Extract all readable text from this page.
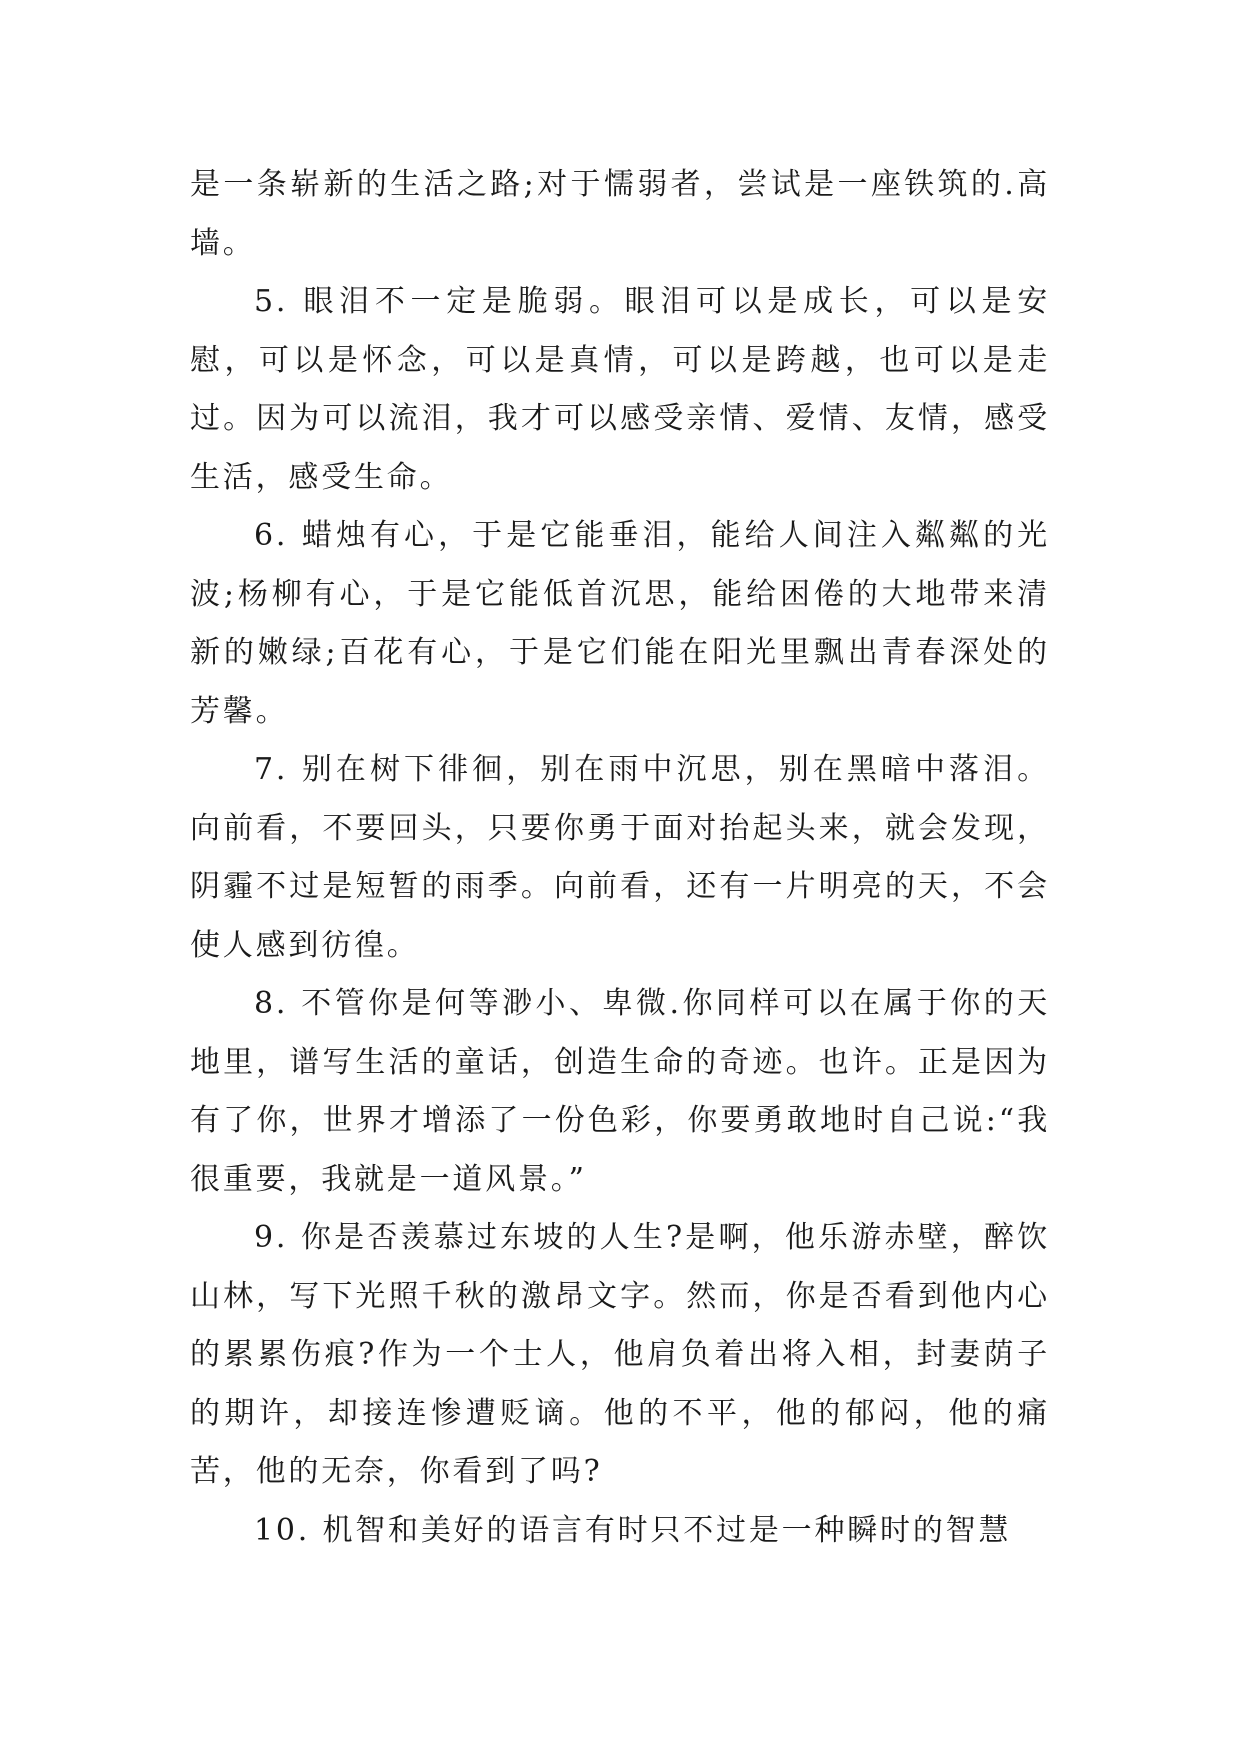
是一条崭新的生活之路;对于懦弱者，尝试是一座铁筑的.高墙。

5. 眼泪不一定是脆弱。眼泪可以是成长，可以是安慰，可以是怀念，可以是真情，可以是跨越，也可以是走过。因为可以流泪，我才可以感受亲情、爱情、友情，感受生活，感受生命。

6. 蜡烛有心，于是它能垂泪，能给人间注入粼粼的光波;杨柳有心，于是它能低首沉思，能给困倦的大地带来清新的嫩绿;百花有心，于是它们能在阳光里飘出青春深处的芳馨。

7. 别在树下徘徊，别在雨中沉思，别在黑暗中落泪。向前看，不要回头，只要你勇于面对抬起头来，就会发现，阴霾不过是短暂的雨季。向前看，还有一片明亮的天，不会使人感到彷徨。

8. 不管你是何等渺小、卑微.你同样可以在属于你的天地里，谱写生活的童话，创造生命的奇迹。也许。正是因为有了你，世界才增添了一份色彩，你要勇敢地时自己说:“我很重要，我就是一道风景。”

9. 你是否羡慕过东坡的人生?是啊，他乐游赤壁，醉饮山林，写下光照千秋的激昂文字。然而，你是否看到他内心的累累伤痕?作为一个士人，他肩负着出将入相，封妻荫子的期许，却接连惨遭贬谪。他的不平，他的郁闷，他的痛苦，他的无奈，你看到了吗?

10. 机智和美好的语言有时只不过是一种瞬时的智慧
